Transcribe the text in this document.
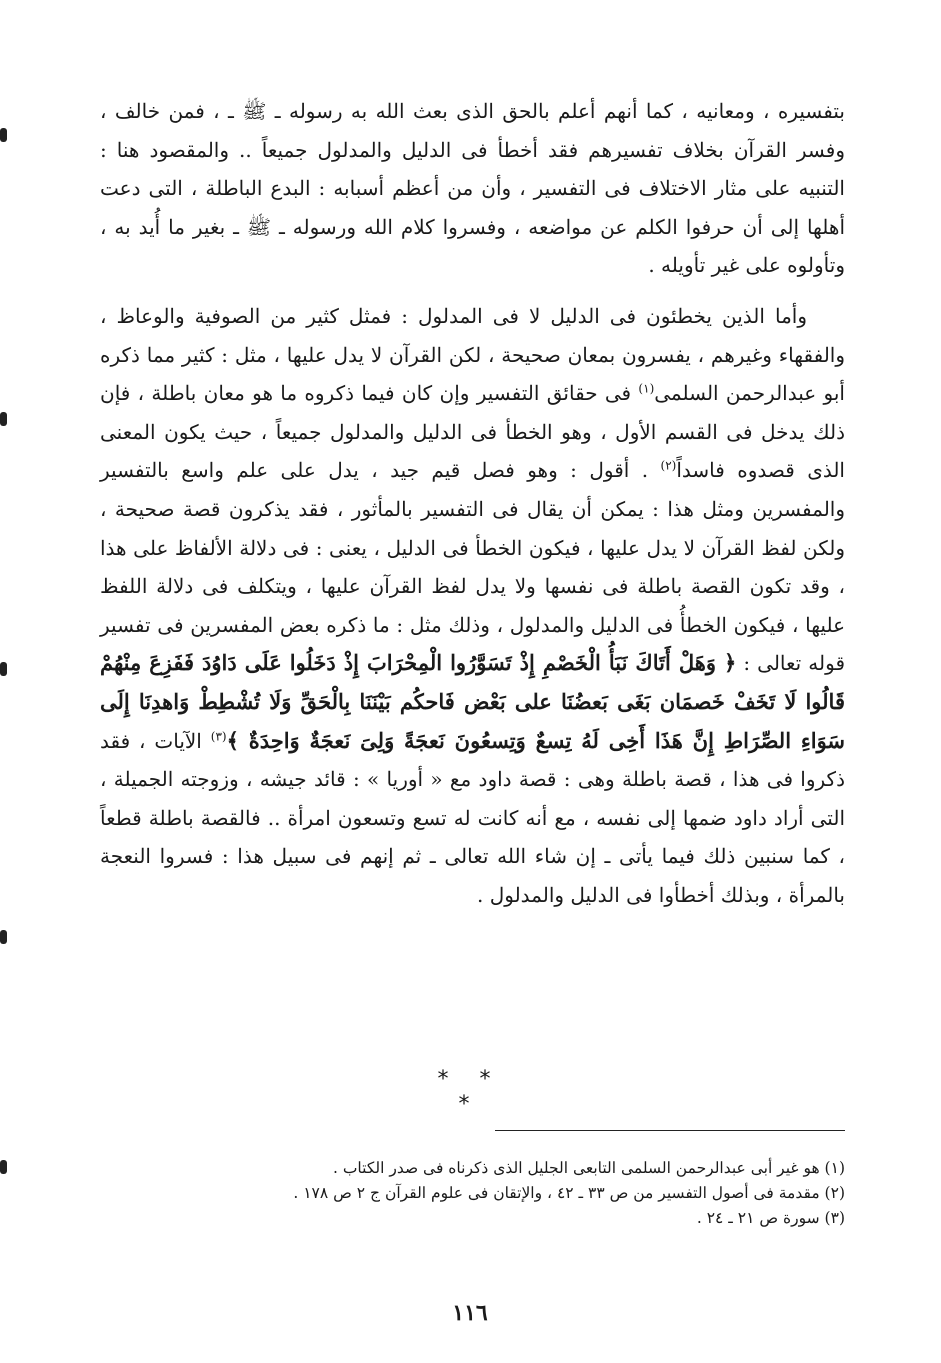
بتفسيره ، ومعانيه ، كما أنهم أعلم بالحق الذى بعث الله به رسوله ـ ﷺ ـ ، فمن خالف ، وفسر القرآن بخلاف تفسيرهم فقد أخطأ فى الدليل والمدلول جميعاً .. والمقصود هنا : التنبيه على مثار الاختلاف فى التفسير ، وأن من أعظم أسبابه : البدع الباطلة ، التى دعت أهلها إلى أن حرفوا الكلم عن مواضعه ، وفسروا كلام الله ورسوله ـ ﷺ ـ بغير ما أُيد به ، وتأولوه على غير تأويله .

وأما الذين يخطئون فى الدليل لا فى المدلول : فمثل كثير من الصوفية والوعاظ ، والفقهاء وغيرهم ، يفسرون بمعان صحيحة ، لكن القرآن لا يدل عليها ، مثل : كثير مما ذكره أبو عبدالرحمن السلمى$^{(١)}$ فى حقائق التفسير وإن كان فيما ذكروه ما هو معان باطلة ، فإن ذلك يدخل فى القسم الأول ، وهو الخطأ فى الدليل والمدلول جميعاً ، حيث يكون المعنى الذى قصدوه فاسداً$^{(٢)}$ . أقول : وهو فصل قيم جيد ، يدل على علم واسع بالتفسير والمفسرين ومثل هذا : يمكن أن يقال فى التفسير بالمأثور ، فقد يذكرون قصة صحيحة ، ولكن لفظ القرآن لا يدل عليها ، فيكون الخطأ فى الدليل ، يعنى : فى دلالة الألفاظ على هذا ، وقد تكون القصة باطلة فى نفسها ولا يدل لفظ القرآن عليها ، ويتكلف فى دلالة اللفظ عليها ، فيكون الخطأُ فى الدليل والمدلول ، وذلك مثل : ما ذكره بعض المفسرين فى تفسير قوله تعالى : ﴿ وَهَلْ أَتَاكَ نَبَأُ الْخَصْمِ إِذْ تَسَوَّرُوا الْمِحْرَابَ إِذْ دَخَلُوا عَلَى دَاوُدَ فَفَزِعَ مِنْهُمْ قَالُوا لَا تَخَفْ خَصمَان بَغَى بَعضُنَا على بَعْض فَاحكُم بَيْنَنَا بِالْحَقِّ وَلَا تُشْطِطْ وَاهدِنَا إِلَى سَوَاءِ الصِّرَاطِ إِنَّ هَذَا أَخِى لَهُ تِسعٌ وَتِسعُونَ نَعجَةً وَلِىَ نَعجَةٌ وَاحِدَةٌ ﴾$^{(٣)}$ الآيات ، فقد ذكروا فى هذا ، قصة باطلة وهى : قصة داود مع « أوريا » : قائد جيشه ، وزوجته الجميلة ، التى أراد داود ضمها إلى نفسه ، مع أنه كانت له تسع وتسعون امرأة .. فالقصة باطلة قطعاً ، كما سنبين ذلك فيما يأتى ـ إن شاء الله تعالى ـ ثم إنهم فى سبيل هذا : فسروا النعجة بالمرأة ، وبذلك أخطأوا فى الدليل والمدلول .

* * *
(١) هو غير أبى عبدالرحمن السلمى التابعى الجليل الذى ذكرناه فى صدر الكتاب .
(٢) مقدمة فى أصول التفسير من ص ٣٣ ـ ٤٢ ، والإتقان فى علوم القرآن ج ٢ ص ١٧٨ .
(٣) سورة ص ٢١ ـ ٢٤ .
١١٦
